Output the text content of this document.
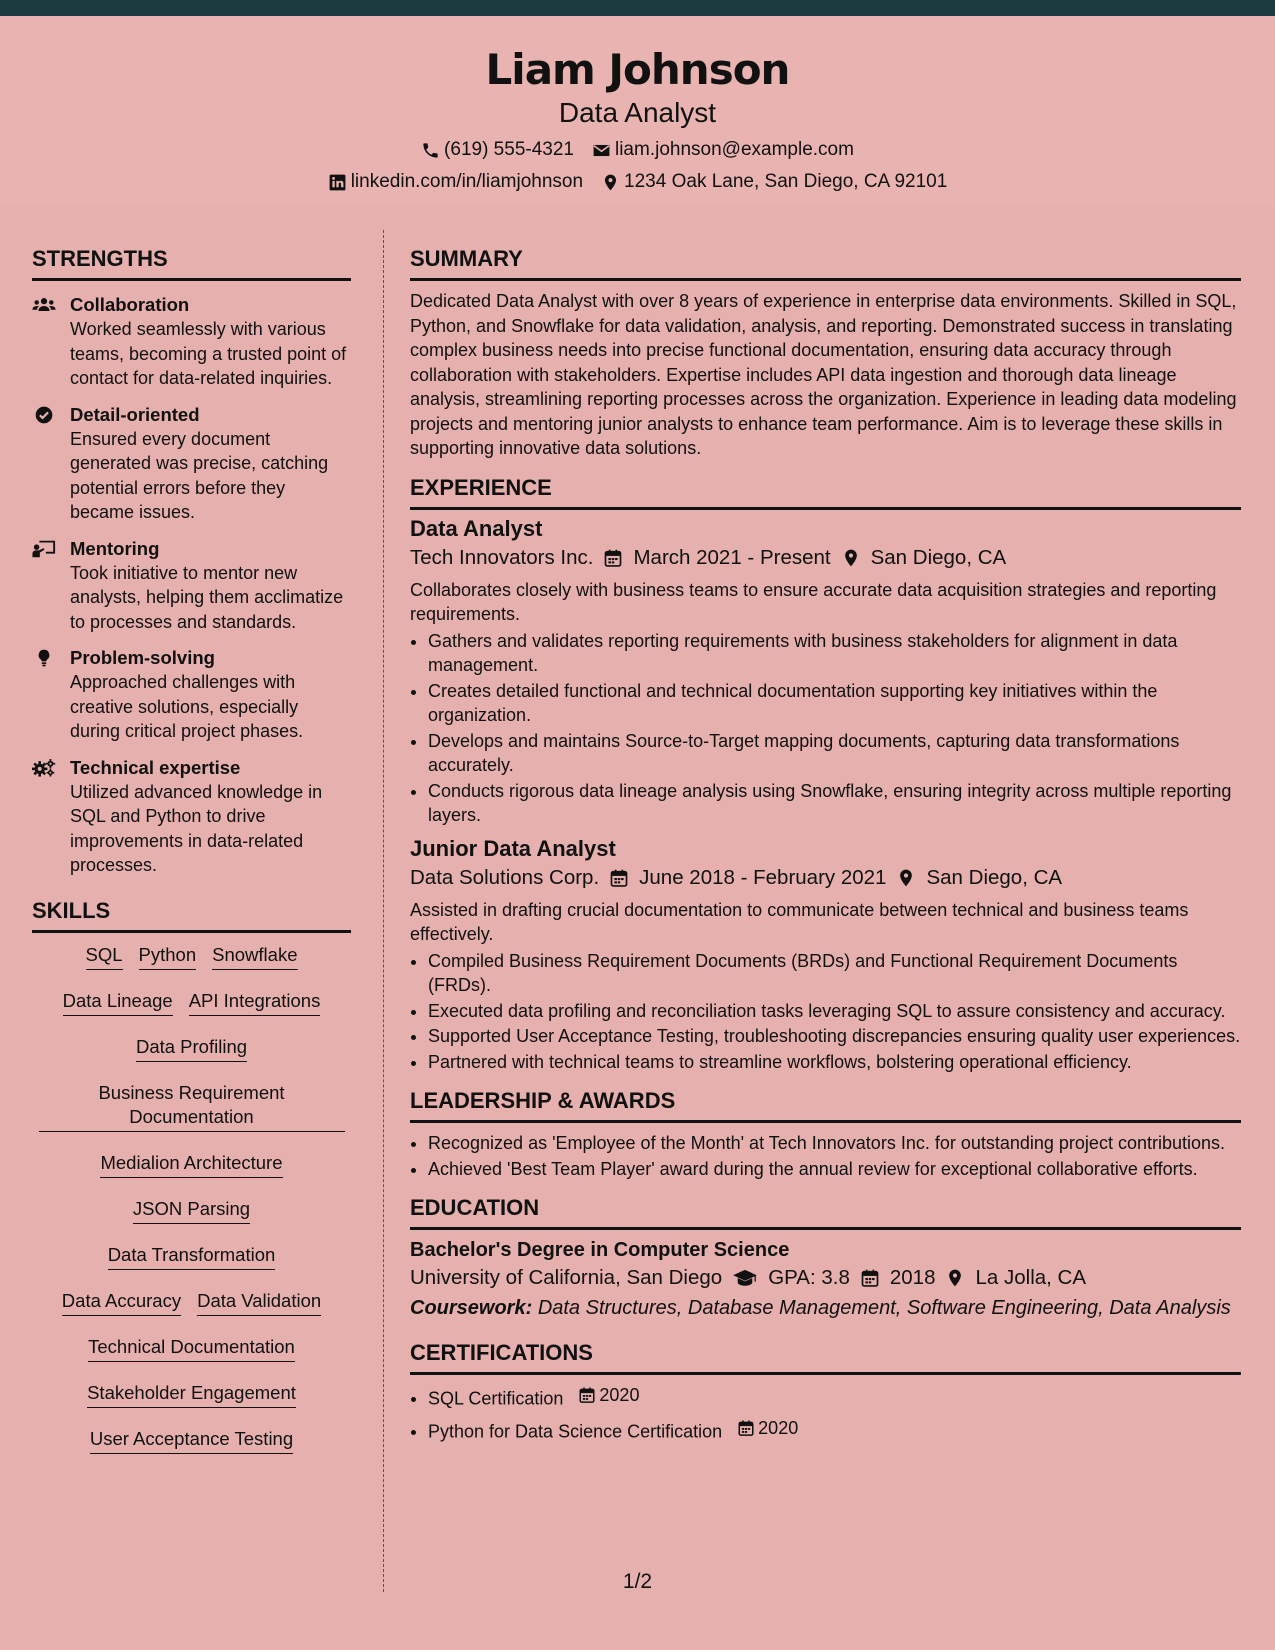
Liam Johnson
Data Analyst
(619) 555-4321 liam.johnson@example.com
linkedin.com/in/liamjohnson 1234 Oak Lane, San Diego, CA 92101
STRENGTHS
Collaboration
Worked seamlessly with various teams, becoming a trusted point of contact for data-related inquiries.
Detail-oriented
Ensured every document generated was precise, catching potential errors before they became issues.
Mentoring
Took initiative to mentor new analysts, helping them acclimatize to processes and standards.
Problem-solving
Approached challenges with creative solutions, especially during critical project phases.
Technical expertise
Utilized advanced knowledge in SQL and Python to drive improvements in data-related processes.
SKILLS
SQL Python Snowflake
Data Lineage API Integrations
Data Profiling
Business Requirement Documentation
Medialion Architecture
JSON Parsing
Data Transformation
Data Accuracy Data Validation
Technical Documentation
Stakeholder Engagement
User Acceptance Testing
SUMMARY

Dedicated Data Analyst with over 8 years of experience in enterprise data environments. Skilled in SQL, Python, and Snowflake for data validation, analysis, and reporting. Demonstrated success in translating complex business needs into precise functional documentation, ensuring data accuracy through collaboration with stakeholders. Expertise includes API data ingestion and thorough data lineage analysis, streamlining reporting processes across the organization. Experience in leading data modeling projects and mentoring junior analysts to enhance team performance. Aim is to leverage these skills in supporting innovative data solutions.

EXPERIENCE
Data Analyst
Tech Innovators Inc. March 2021 - Present San Diego, CA

Collaborates closely with business teams to ensure accurate data acquisition strategies and reporting requirements.

• Gathers and validates reporting requirements with business stakeholders for alignment in data management.
• Creates detailed functional and technical documentation supporting key initiatives within the organization.
• Develops and maintains Source-to-Target mapping documents, capturing data transformations accurately.
• Conducts rigorous data lineage analysis using Snowflake, ensuring integrity across multiple reporting layers.
Junior Data Analyst
Data Solutions Corp. June 2018 - February 2021 San Diego, CA

Assisted in drafting crucial documentation to communicate between technical and business teams effectively.

• Compiled Business Requirement Documents (BRDs) and Functional Requirement Documents (FRDs).
• Executed data profiling and reconciliation tasks leveraging SQL to assure consistency and accuracy.
• Supported User Acceptance Testing, troubleshooting discrepancies ensuring quality user experiences.
• Partnered with technical teams to streamline workflows, bolstering operational efficiency.
LEADERSHIP & AWARDS
• Recognized as 'Employee of the Month' at Tech Innovators Inc. for outstanding project contributions.
• Achieved 'Best Team Player' award during the annual review for exceptional collaborative efforts.
EDUCATION
Bachelor's Degree in Computer Science
University of California, San Diego GPA: 3.8 2018 La Jolla, CA
Coursework: Data Structures, Database Management, Software Engineering, Data Analysis
CERTIFICATIONS
• SQL Certification 2020
• Python for Data Science Certification 2020
1/2
